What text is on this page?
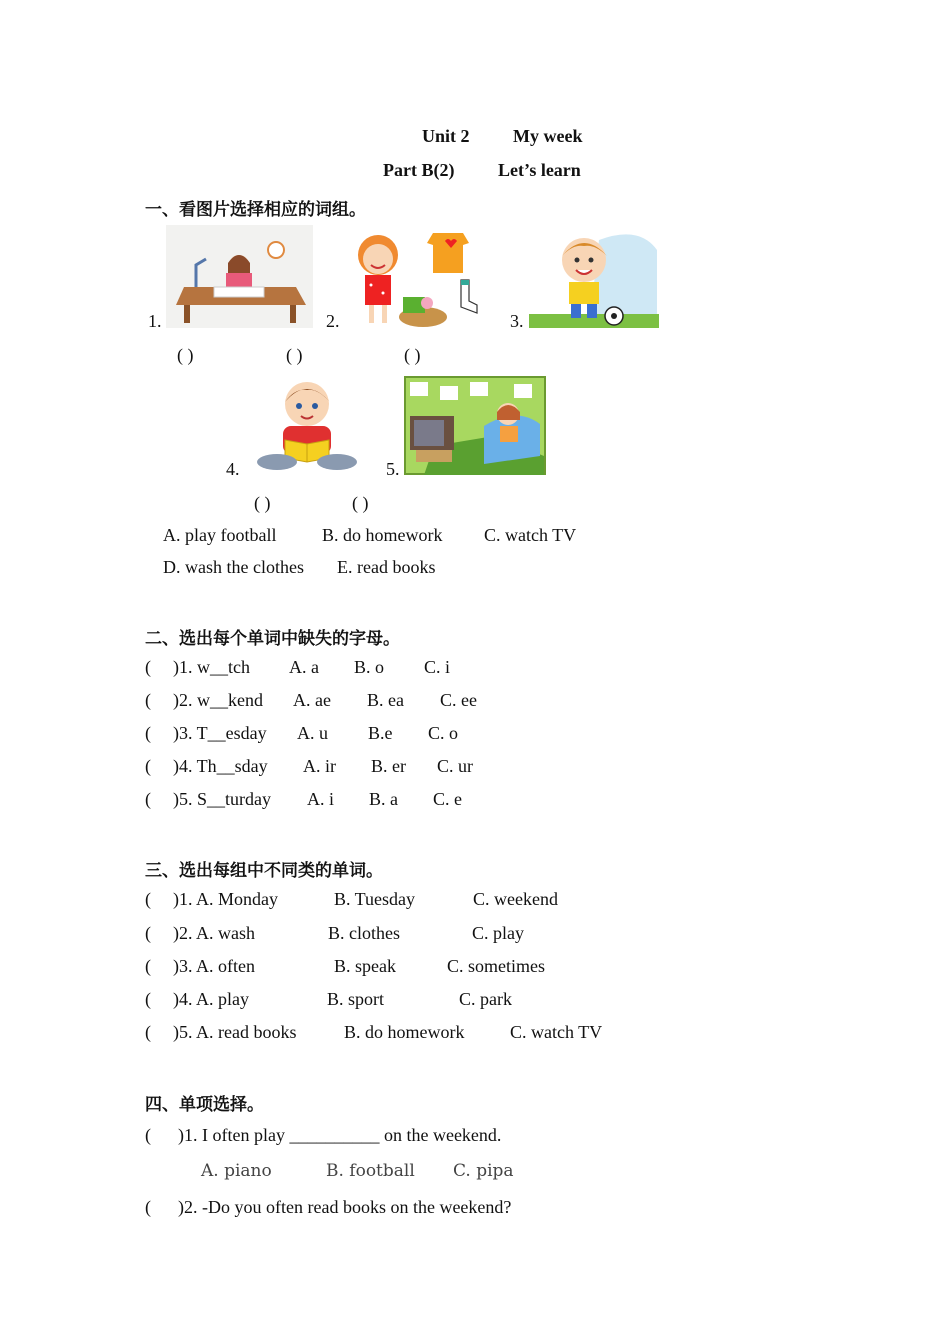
Unit 2 My week
Part B(2) Let’s learn
一、看图片选择相应的词组。
1.	2.	3.
( )	( )	( )
4.	5.
( )	( )
A. play football	B. do homework C. watch TV
D. wash the clothes E. read books
二、选出每个单词中缺失的字母。
( )1. w__tch A. a B. o C. i
( )2. w__kend A. ae B. ea C. ee
( )3. T__esday A. u B.e C. o
( )4. Th__sday A. ir B. er C. ur
( )5. S__turday A. i B. a C. e
三、选出每组中不同类的单词。
( )1. A. Monday	B. Tuesday	C. weekend
( )2. A. wash	B. clothes	C. play
( )3. A. often	B. speak	C. sometimes
( )4. A. play	B. sport	C. park
( )5. A. read books	B. do homework	C. watch TV
四、单项选择。
( )1. I often play __________ on the weekend.
A. piano	B. football C. pipa
( )2. -Do you often read books on the weekend?
